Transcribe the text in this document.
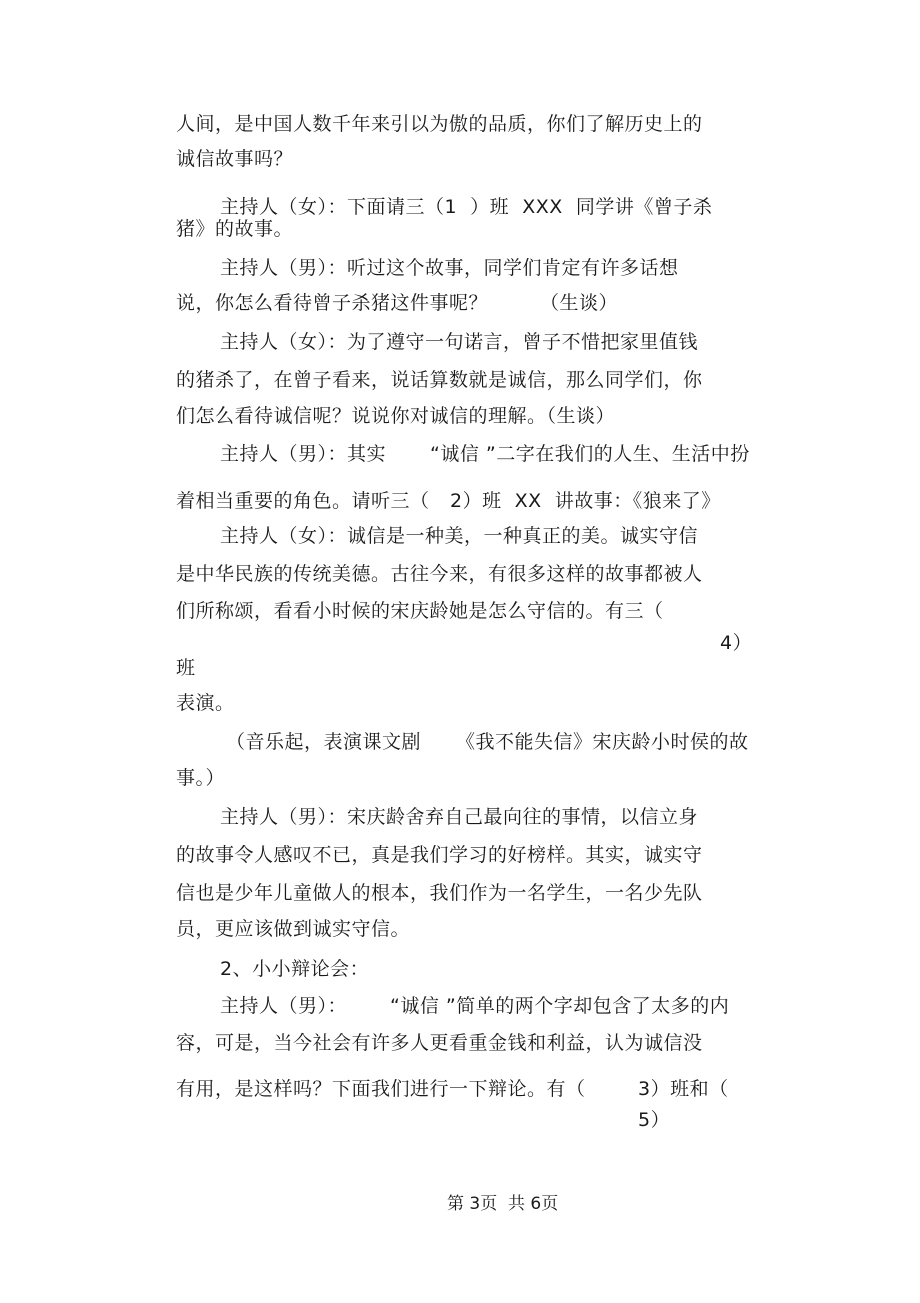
人间，是中国人数千年来引以为傲的品质，你们了解历史上的
诚信故事吗？
主持人（女）：下面请三（1  ）班  XXX  同学讲《曾子杀
猪》的故事。
主持人（男）：听过这个故事，同学们肯定有许多话想
说，你怎么看待曾子杀猪这件事呢？	（生谈）
主持人（女）：为了遵守一句诺言，曾子不惜把家里值钱
的猪杀了，在曾子看来，说话算数就是诚信，那么同学们，你
们怎么看待诚信呢？说说你对诚信的理解。（生谈）
主持人（男）：其实 “诚信 ”二字在我们的人生、生活中扮
着相当重要的角色。请听三（ 2）班  XX  讲故事：《狼来了》
主持人（女）：诚信是一种美，一种真正的美。诚实守信
是中华民族的传统美德。古往今来，有很多这样的故事都被人
们所称颂，看看小时候的宋庆龄她是怎么守信的。有三（
4）
班
表演。
（音乐起，表演课文剧 《我不能失信》宋庆龄小时侯的故
事。）
主持人（男）：宋庆龄舍弃自己最向往的事情，以信立身
的故事令人感叹不已，真是我们学习的好榜样。其实，诚实守
信也是少年儿童做人的根本，我们作为一名学生，一名少先队
员，更应该做到诚实守信。
2、小小辩论会：
主持人（男）： “诚信 ”简单的两个字却包含了太多的内
容，可是，当今社会有许多人更看重金钱和利益，认为诚信没
有用，是这样吗？下面我们进行一下辩论。有（	3）班和（
5）
第 3页  共 6页
